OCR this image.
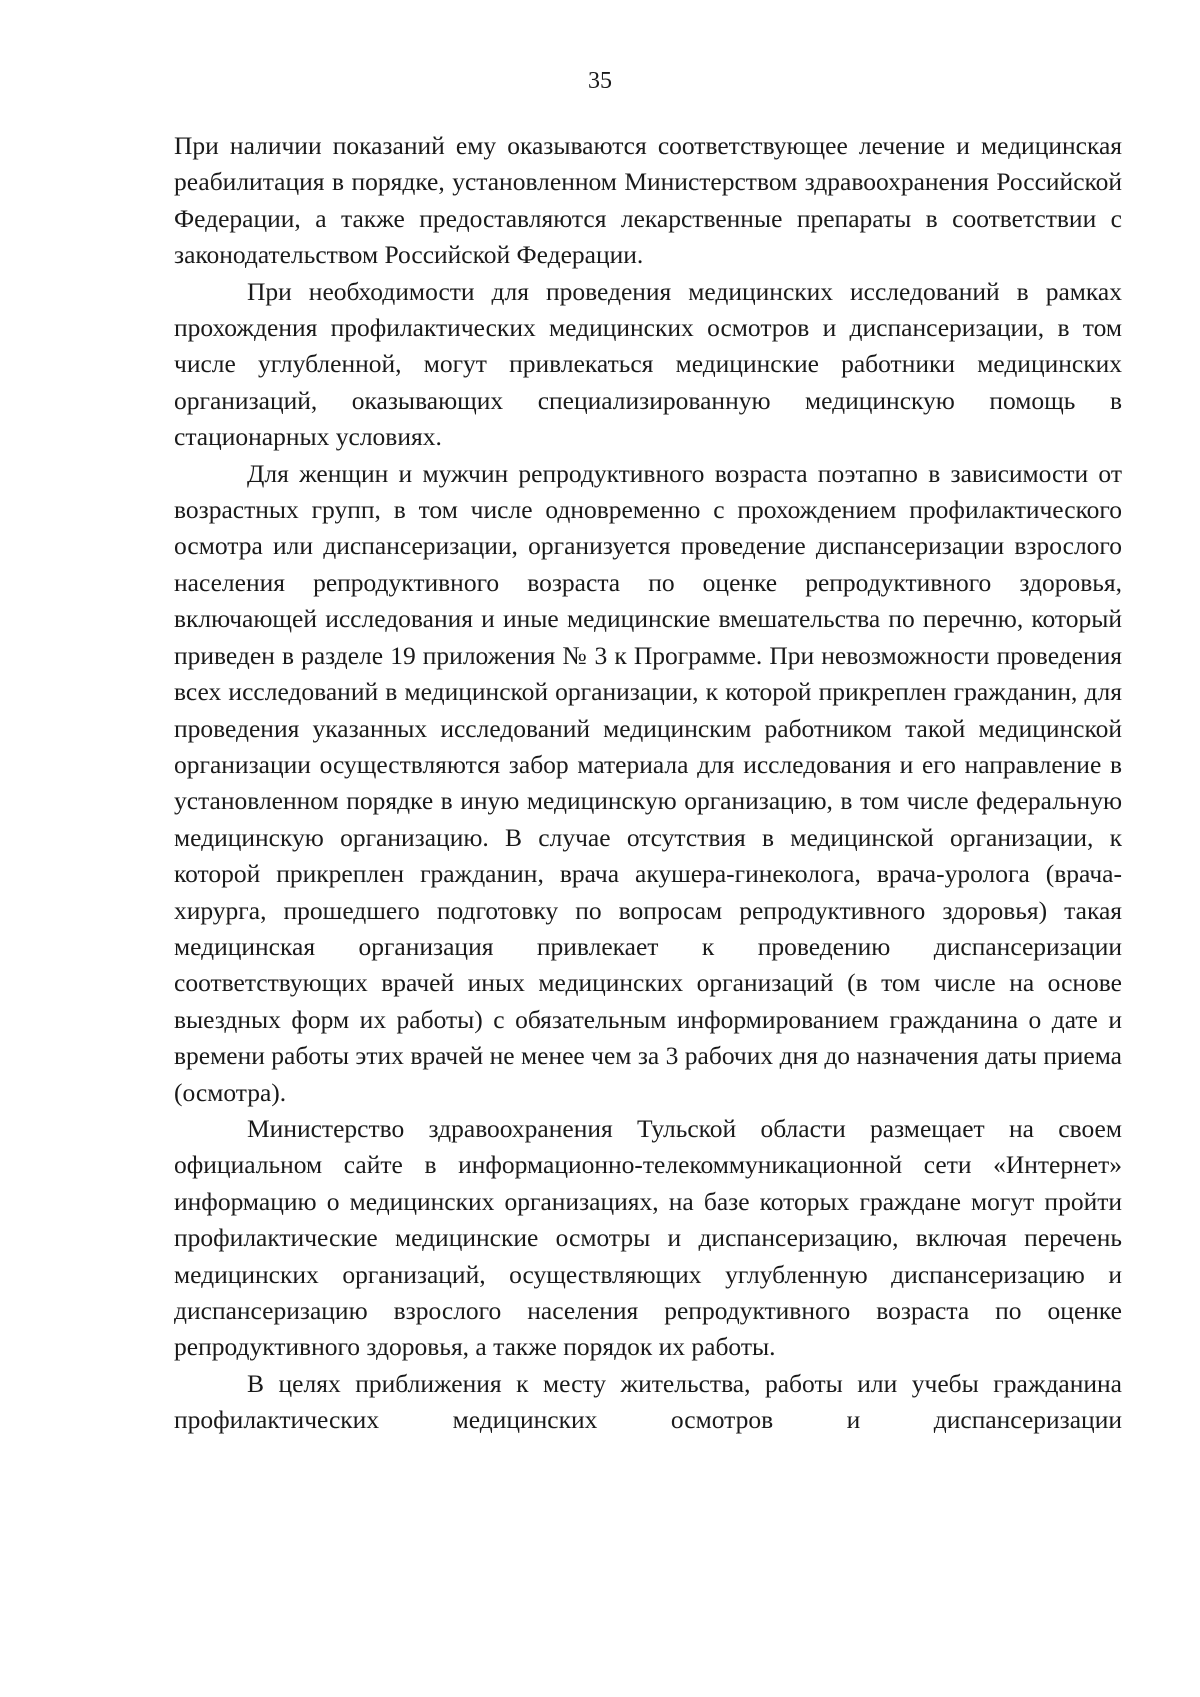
35

При наличии показаний ему оказываются соответствующее лечение и медицинская реабилитация в порядке, установленном Министерством здравоохранения Российской Федерации, а также предоставляются лекарственные препараты в соответствии с законодательством Российской Федерации.

При необходимости для проведения медицинских исследований в рамках прохождения профилактических медицинских осмотров и диспансеризации, в том числе углубленной, могут привлекаться медицинские работники медицинских организаций, оказывающих специализированную медицинскую помощь в стационарных условиях.

Для женщин и мужчин репродуктивного возраста поэтапно в зависимости от возрастных групп, в том числе одновременно с прохождением профилактического осмотра или диспансеризации, организуется проведение диспансеризации взрослого населения репродуктивного возраста по оценке репродуктивного здоровья, включающей исследования и иные медицинские вмешательства по перечню, который приведен в разделе 19 приложения № 3 к Программе. При невозможности проведения всех исследований в медицинской организации, к которой прикреплен гражданин, для проведения указанных исследований медицинским работником такой медицинской организации осуществляются забор материала для исследования и его направление в установленном порядке в иную медицинскую организацию, в том числе федеральную медицинскую организацию. В случае отсутствия в медицинской организации, к которой прикреплен гражданин, врача акушера-гинеколога, врача-уролога (врача-хирурга, прошедшего подготовку по вопросам репродуктивного здоровья) такая медицинская организация привлекает к проведению диспансеризации соответствующих врачей иных медицинских организаций (в том числе на основе выездных форм их работы) с обязательным информированием гражданина о дате и времени работы этих врачей не менее чем за 3 рабочих дня до назначения даты приема (осмотра).

Министерство здравоохранения Тульской области размещает на своем официальном сайте в информационно-телекоммуникационной сети «Интернет» информацию о медицинских организациях, на базе которых граждане могут пройти профилактические медицинские осмотры и диспансеризацию, включая перечень медицинских организаций, осуществляющих углубленную диспансеризацию и диспансеризацию взрослого населения репродуктивного возраста по оценке репродуктивного здоровья, а также порядок их работы.

В целях приближения к месту жительства, работы или учебы гражданина профилактических медицинских осмотров и диспансеризации
